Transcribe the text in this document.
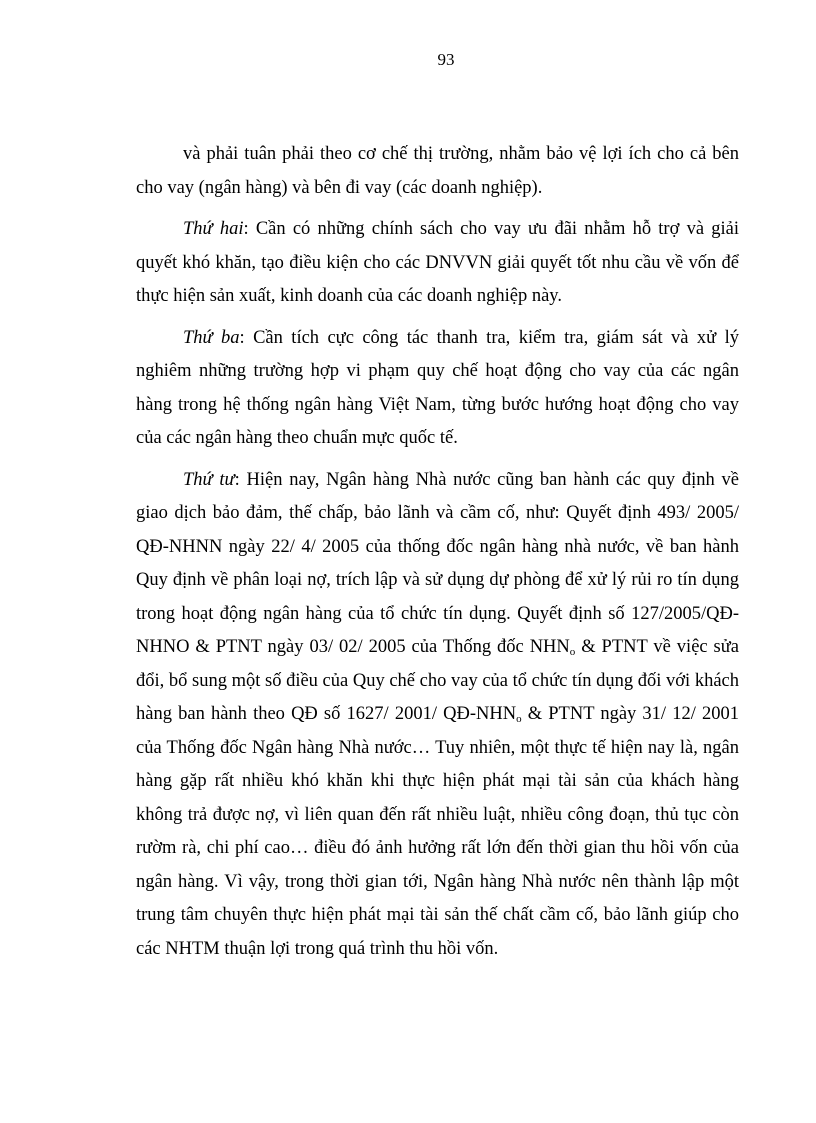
93

và phải tuân phải theo cơ chế thị trường, nhằm bảo vệ lợi ích cho cả bên cho vay (ngân hàng) và bên đi vay (các doanh nghiệp).

Thứ hai: Cần có những chính sách cho vay ưu đãi nhằm hỗ trợ và giải quyết khó khăn, tạo điều kiện cho các DNVVN giải quyết tốt nhu cầu về vốn để thực hiện sản xuất, kinh doanh của các doanh nghiệp này.

Thứ ba: Cần tích cực công tác thanh tra, kiểm tra, giám sát và xử lý nghiêm những trường hợp vi phạm quy chế hoạt động cho vay của các ngân hàng trong hệ thống ngân hàng Việt Nam, từng bước hướng hoạt động cho vay của các ngân hàng theo chuẩn mực quốc tế.

Thứ tư: Hiện nay, Ngân hàng Nhà nước cũng ban hành các quy định về giao dịch bảo đảm, thế chấp, bảo lãnh và cầm cố, như: Quyết định 493/ 2005/ QĐ-NHNN ngày 22/ 4/ 2005 của thống đốc ngân hàng nhà nước, về ban hành Quy định về phân loại nợ, trích lập và sử dụng dự phòng để xử lý rủi ro tín dụng trong hoạt động ngân hàng của tổ chức tín dụng. Quyết định số 127/2005/QĐ-NHNO & PTNT ngày 03/ 02/ 2005 của Thống đốc $NHN_o$ & PTNT về việc sửa đổi, bổ sung một số điều của Quy chế cho vay của tổ chức tín dụng đối với khách hàng ban hành theo QĐ số 1627/ 2001/ $QĐ-NHN_o$ & PTNT ngày 31/ 12/ 2001 của Thống đốc Ngân hàng Nhà nước… Tuy nhiên, một thực tế hiện nay là, ngân hàng gặp rất nhiều khó khăn khi thực hiện phát mại tài sản của khách hàng không trả được nợ, vì liên quan đến rất nhiều luật, nhiều công đoạn, thủ tục còn rườm rà, chi phí cao… điều đó ảnh hưởng rất lớn đến thời gian thu hồi vốn của ngân hàng. Vì vậy, trong thời gian tới, Ngân hàng Nhà nước nên thành lập một trung tâm chuyên thực hiện phát mại tài sản thế chất cầm cố, bảo lãnh giúp cho các NHTM thuận lợi trong quá trình thu hồi vốn.
